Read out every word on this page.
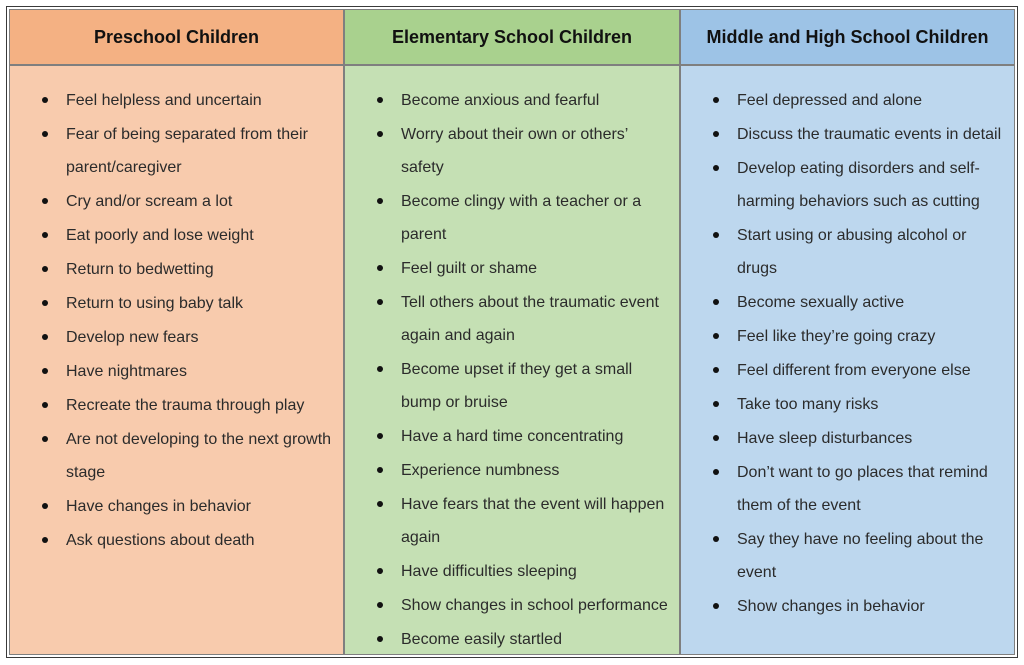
Preschool Children	Elementary School Children	Middle and High School Children
Feel helpless and uncertain
Fear of being separated from their parent/caregiver
Cry and/or scream a lot
Eat poorly and lose weight
Return to bedwetting
Return to using baby talk
Develop new fears
Have nightmares
Recreate the trauma through play
Are not developing to the next growth stage
Have changes in behavior
Ask questions about death
Become anxious and fearful
Worry about their own or others’ safety
Become clingy with a teacher or a parent
Feel guilt or shame
Tell others about the traumatic event again and again
Become upset if they get a small bump or bruise
Have a hard time concentrating
Experience numbness
Have fears that the event will happen again
Have difficulties sleeping
Show changes in school performance
Become easily startled
Feel depressed and alone
Discuss the traumatic events in detail
Develop eating disorders and self-harming behaviors such as cutting
Start using or abusing alcohol or drugs
Become sexually active
Feel like they’re going crazy
Feel different from everyone else
Take too many risks
Have sleep disturbances
Don’t want to go places that remind them of the event
Say they have no feeling about the event
Show changes in behavior
